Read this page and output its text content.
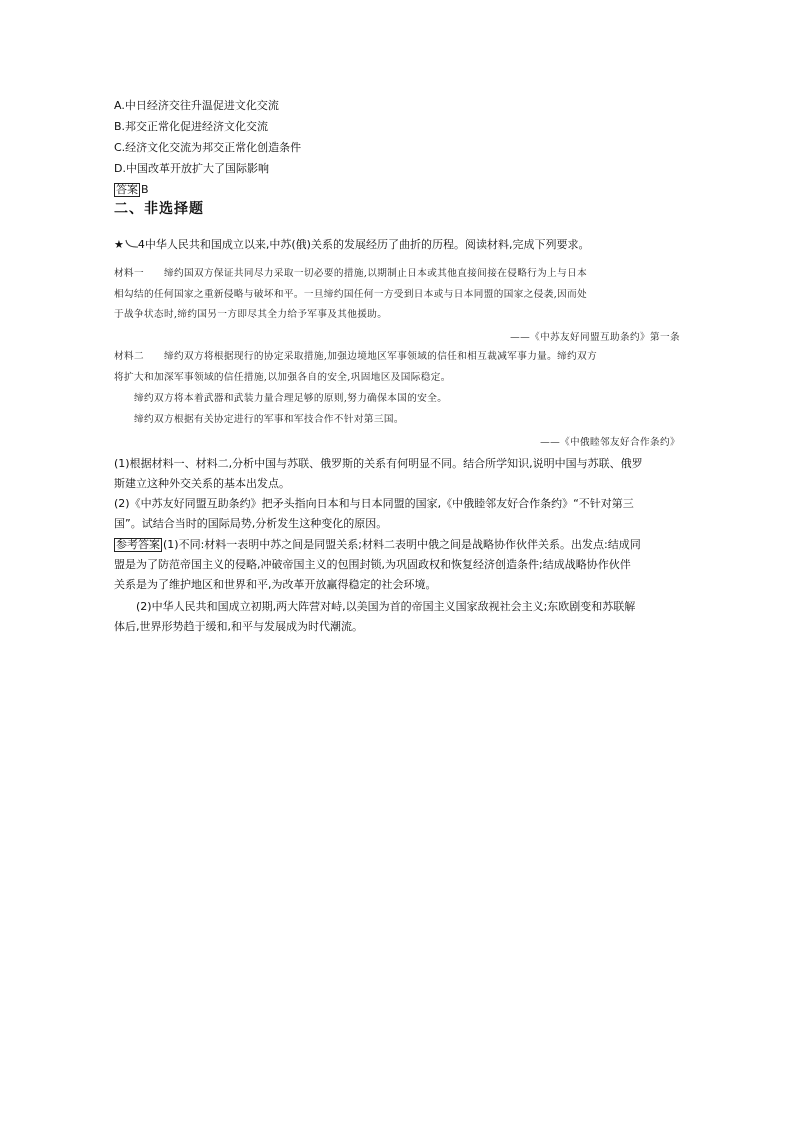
A.中日经济交往升温促进文化交流
B.邦交正常化促进经济文化交流
C.经济文化交流为邦交正常化创造条件
D.中国改革开放扩大了国际影响
答案 B
二、非选择题
★ 4中华人民共和国成立以来,中苏(俄)关系的发展经历了曲折的历程。阅读材料,完成下列要求。
材料一　　缔约国双方保证共同尽力采取一切必要的措施,以期制止日本或其他直接间接在侵略行为上与日本
相勾结的任何国家之重新侵略与破坏和平。一旦缔约国任何一方受到日本或与日本同盟的国家之侵袭,因而处
于战争状态时,缔约国另一方即尽其全力给予军事及其他援助。
——《中苏友好同盟互助条约》第一条
材料二　　缔约双方将根据现行的协定采取措施,加强边境地区军事领域的信任和相互裁减军事力量。缔约双方
将扩大和加深军事领域的信任措施,以加强各自的安全,巩固地区及国际稳定。
　　缔约双方将本着武器和武装力量合理足够的原则,努力确保本国的安全。
　　缔约双方根据有关协定进行的军事和军技合作不针对第三国。
——《中俄睦邻友好合作条约》
(1)根据材料一、材料二,分析中国与苏联、俄罗斯的关系有何明显不同。结合所学知识,说明中国与苏联、俄罗
斯建立这种外交关系的基本出发点。
(2)《中苏友好同盟互助条约》把矛头指向日本和与日本同盟的国家,《中俄睦邻友好合作条约》“不针对第三
国”。试结合当时的国际局势,分析发生这种变化的原因。
参考答案 (1)不同:材料一表明中苏之间是同盟关系;材料二表明中俄之间是战略协作伙伴关系。出发点:结成同
盟是为了防范帝国主义的侵略,冲破帝国主义的包围封锁,为巩固政权和恢复经济创造条件;结成战略协作伙伴
关系是为了维护地区和世界和平,为改革开放赢得稳定的社会环境。
　　(2)中华人民共和国成立初期,两大阵营对峙,以美国为首的帝国主义国家敌视社会主义;东欧剧变和苏联解
体后,世界形势趋于缓和,和平与发展成为时代潮流。
